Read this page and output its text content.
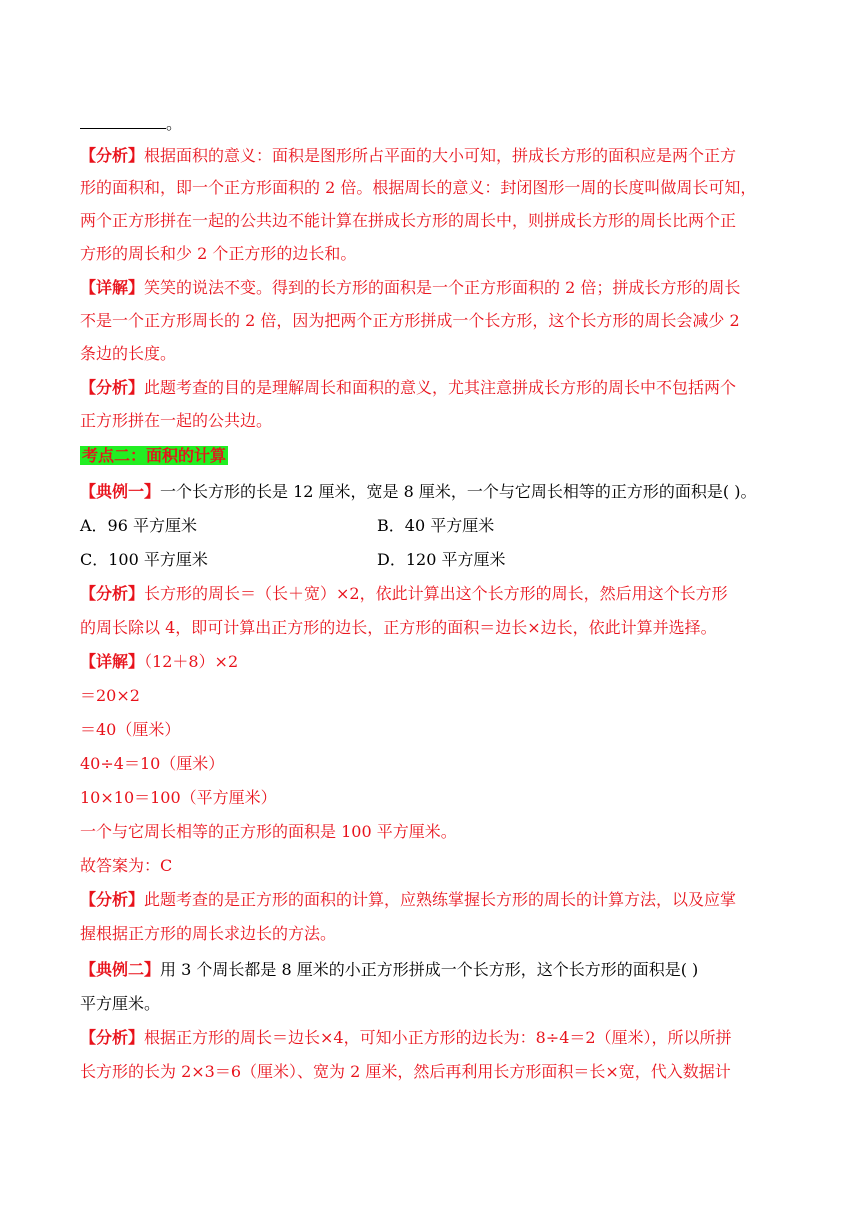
。
【分析】根据面积的意义：面积是图形所占平面的大小可知，拼成长方形的面积应是两个正方
形的面积和，即一个正方形面积的 2 倍。根据周长的意义：封闭图形一周的长度叫做周长可知，
两个正方形拼在一起的公共边不能计算在拼成长方形的周长中，则拼成长方形的周长比两个正
方形的周长和少 2 个正方形的边长和。
【详解】笑笑的说法不变。得到的长方形的面积是一个正方形面积的 2 倍；拼成长方形的周长
不是一个正方形周长的 2 倍，因为把两个正方形拼成一个长方形，这个长方形的周长会减少 2
条边的长度。
【分析】此题考查的目的是理解周长和面积的意义，尤其注意拼成长方形的周长中不包括两个
正方形拼在一起的公共边。
考点二：面积的计算
【典例一】一个长方形的长是 12 厘米，宽是 8 厘米，一个与它周长相等的正方形的面积是( )。
A．96 平方厘米	B．40 平方厘米
C．100 平方厘米	D．120 平方厘米
【分析】长方形的周长＝（长＋宽）×2，依此计算出这个长方形的周长，然后用这个长方形
的周长除以 4，即可计算出正方形的边长，正方形的面积＝边长×边长，依此计算并选择。
【详解】（12＋8）×2
＝20×2
＝40（厘米）
40÷4＝10（厘米）
10×10＝100（平方厘米）
一个与它周长相等的正方形的面积是 100 平方厘米。
故答案为：C
【分析】此题考查的是正方形的面积的计算，应熟练掌握长方形的周长的计算方法，以及应掌
握根据正方形的周长求边长的方法。
【典例二】用 3 个周长都是 8 厘米的小正方形拼成一个长方形，这个长方形的面积是( )
平方厘米。
【分析】根据正方形的周长＝边长×4，可知小正方形的边长为：8÷4＝2（厘米），所以所拼
长方形的长为 2×3＝6（厘米）、宽为 2 厘米，然后再利用长方形面积＝长×宽，代入数据计
